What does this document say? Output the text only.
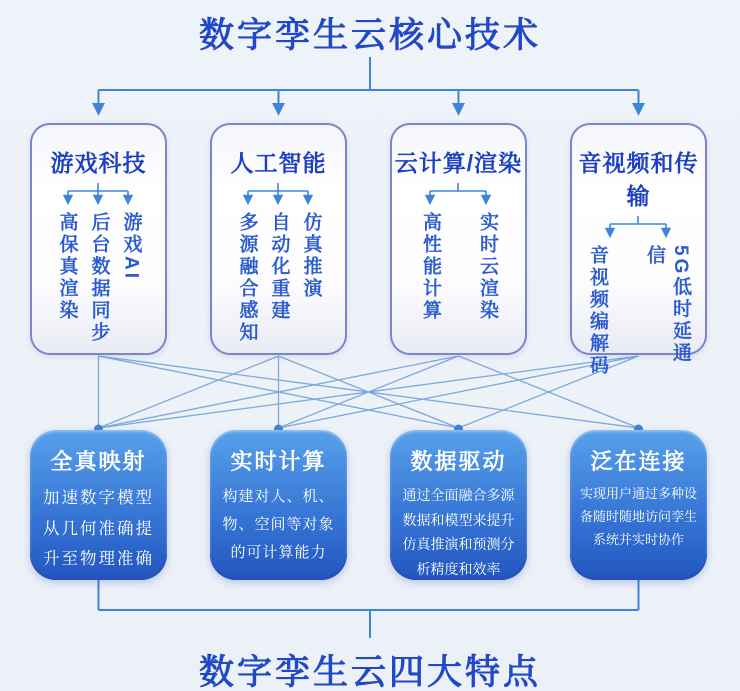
数字孪生云核心技术
游戏科技
高保真渲染 后台数据同步 游戏AI
人工智能
多源融合感知 自动化重建 仿真推演
云计算/渲染
高性能计算 实时云渲染
音视频和传输
音视频编解码	5G低时延通信
全真映射

加速数字模型从几何准确提升至物理准确

实时计算

构建对人、机、物、空间等对象的可计算能力

数据驱动

通过全面融合多源数据和模型来提升仿真推演和预测分析精度和效率

泛在连接

实现用户通过多种设备随时随地访问孪生系统并实时协作

数字孪生云四大特点
